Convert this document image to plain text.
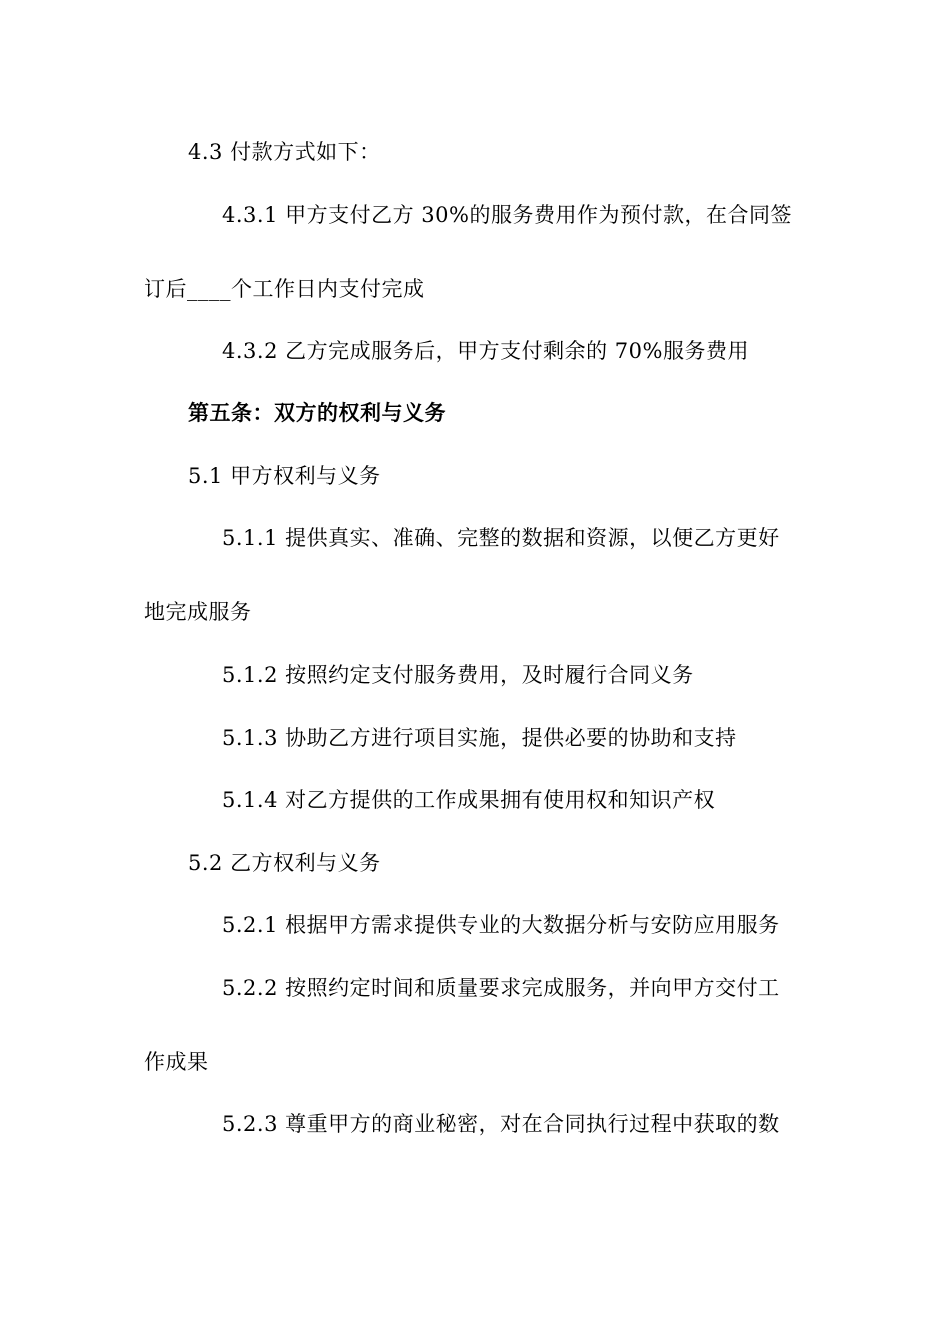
4.3 付款方式如下：
4.3.1 甲方支付乙方 30%的服务费用作为预付款，在合同签
订后____个工作日内支付完成
4.3.2 乙方完成服务后，甲方支付剩余的 70%服务费用
第五条：双方的权利与义务
5.1 甲方权利与义务
5.1.1 提供真实、准确、完整的数据和资源，以便乙方更好
地完成服务
5.1.2 按照约定支付服务费用，及时履行合同义务
5.1.3 协助乙方进行项目实施，提供必要的协助和支持
5.1.4 对乙方提供的工作成果拥有使用权和知识产权
5.2 乙方权利与义务
5.2.1 根据甲方需求提供专业的大数据分析与安防应用服务
5.2.2 按照约定时间和质量要求完成服务，并向甲方交付工
作成果
5.2.3 尊重甲方的商业秘密，对在合同执行过程中获取的数
